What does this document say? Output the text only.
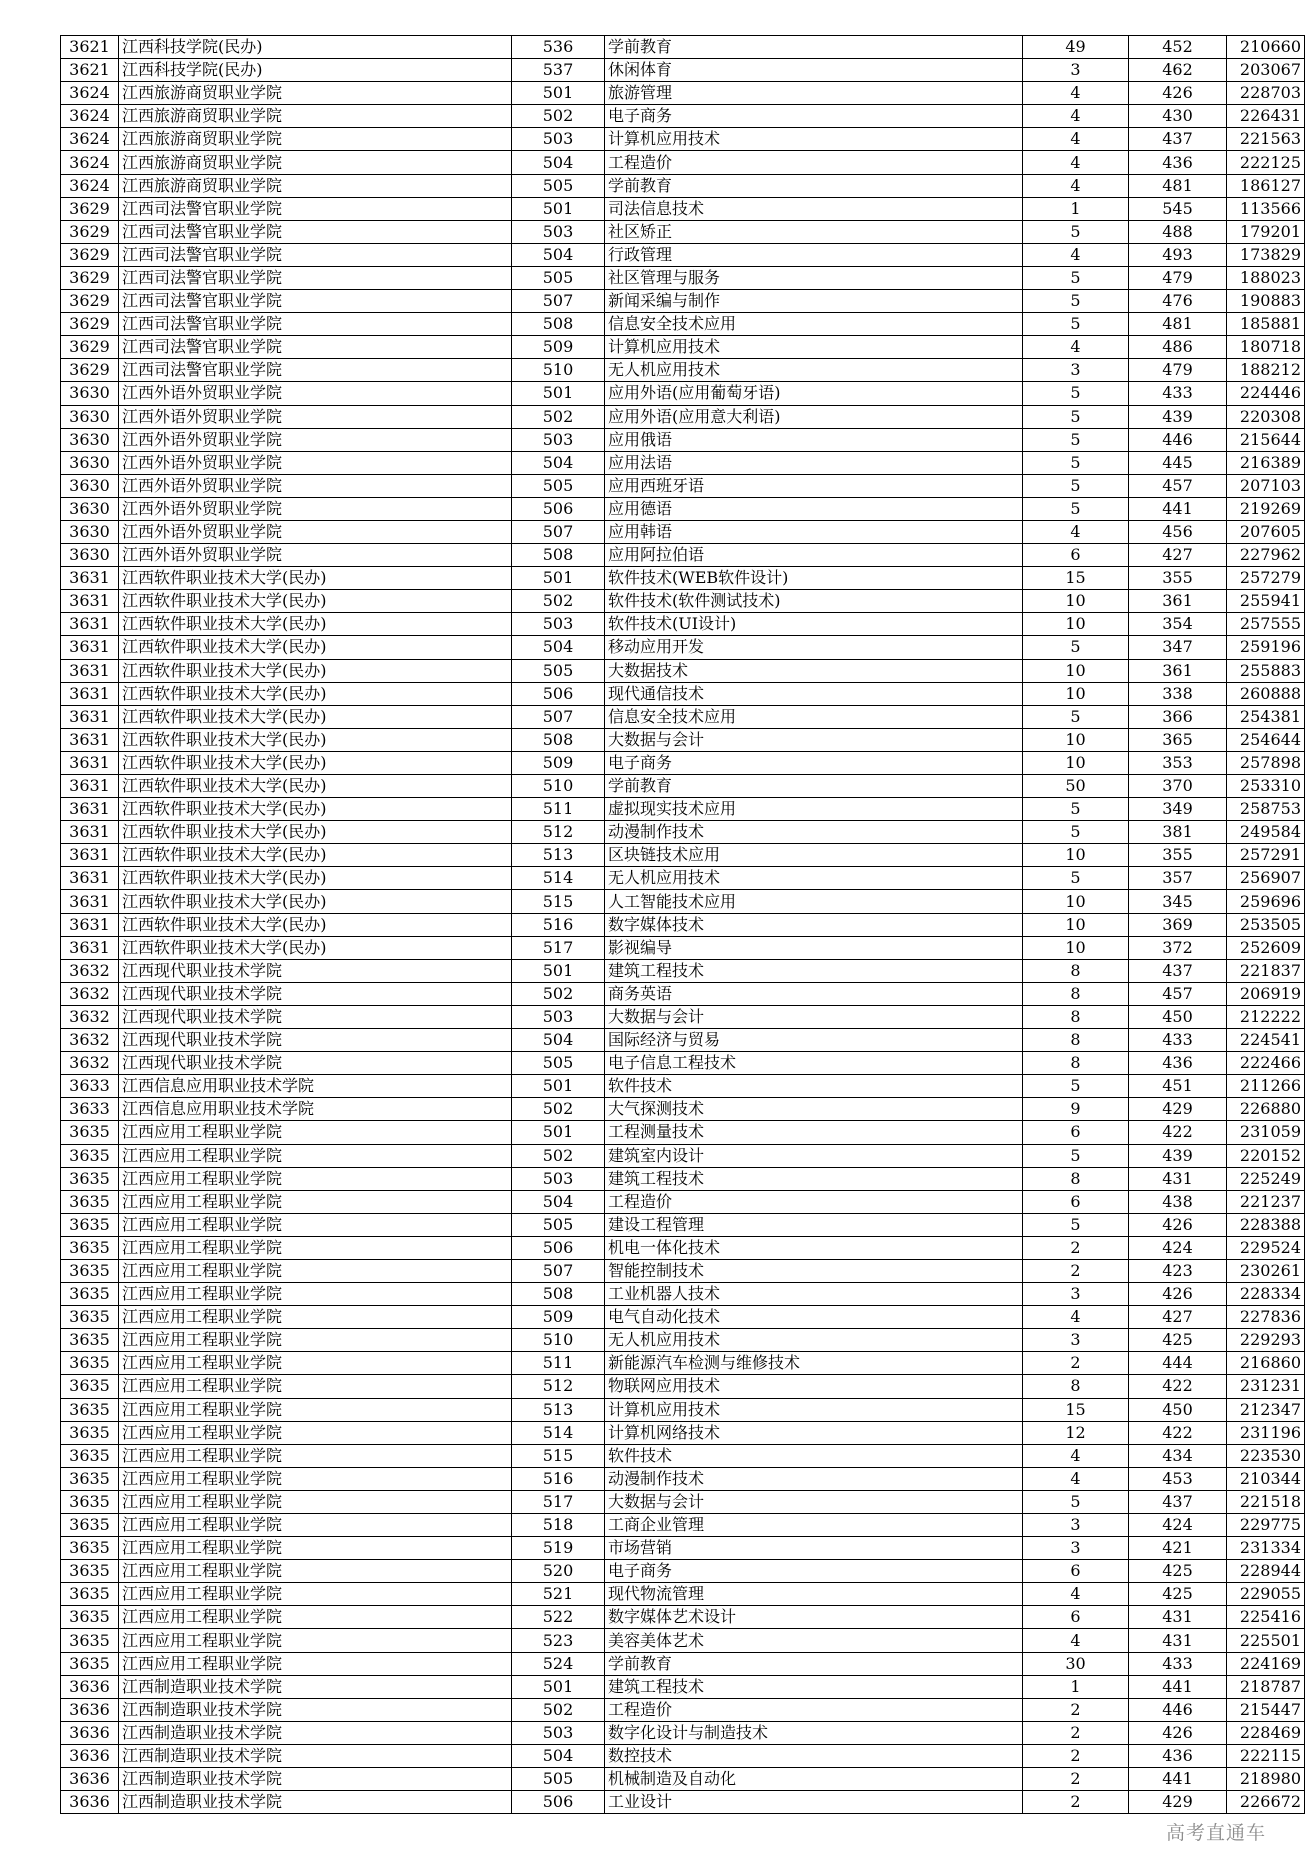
3621	江西科技学院(民办)	536	学前教育	49	452	210660
3621	江西科技学院(民办)	537	休闲体育	3	462	203067
3624	江西旅游商贸职业学院	501	旅游管理	4	426	228703
3624	江西旅游商贸职业学院	502	电子商务	4	430	226431
3624	江西旅游商贸职业学院	503	计算机应用技术	4	437	221563
3624	江西旅游商贸职业学院	504	工程造价	4	436	222125
3624	江西旅游商贸职业学院	505	学前教育	4	481	186127
3629	江西司法警官职业学院	501	司法信息技术	1	545	113566
3629	江西司法警官职业学院	503	社区矫正	5	488	179201
3629	江西司法警官职业学院	504	行政管理	4	493	173829
3629	江西司法警官职业学院	505	社区管理与服务	5	479	188023
3629	江西司法警官职业学院	507	新闻采编与制作	5	476	190883
3629	江西司法警官职业学院	508	信息安全技术应用	5	481	185881
3629	江西司法警官职业学院	509	计算机应用技术	4	486	180718
3629	江西司法警官职业学院	510	无人机应用技术	3	479	188212
3630	江西外语外贸职业学院	501	应用外语(应用葡萄牙语)	5	433	224446
3630	江西外语外贸职业学院	502	应用外语(应用意大利语)	5	439	220308
3630	江西外语外贸职业学院	503	应用俄语	5	446	215644
3630	江西外语外贸职业学院	504	应用法语	5	445	216389
3630	江西外语外贸职业学院	505	应用西班牙语	5	457	207103
3630	江西外语外贸职业学院	506	应用德语	5	441	219269
3630	江西外语外贸职业学院	507	应用韩语	4	456	207605
3630	江西外语外贸职业学院	508	应用阿拉伯语	6	427	227962
3631	江西软件职业技术大学(民办)	501	软件技术(WEB软件设计)	15	355	257279
3631	江西软件职业技术大学(民办)	502	软件技术(软件测试技术)	10	361	255941
3631	江西软件职业技术大学(民办)	503	软件技术(UI设计)	10	354	257555
3631	江西软件职业技术大学(民办)	504	移动应用开发	5	347	259196
3631	江西软件职业技术大学(民办)	505	大数据技术	10	361	255883
3631	江西软件职业技术大学(民办)	506	现代通信技术	10	338	260888
3631	江西软件职业技术大学(民办)	507	信息安全技术应用	5	366	254381
3631	江西软件职业技术大学(民办)	508	大数据与会计	10	365	254644
3631	江西软件职业技术大学(民办)	509	电子商务	10	353	257898
3631	江西软件职业技术大学(民办)	510	学前教育	50	370	253310
3631	江西软件职业技术大学(民办)	511	虚拟现实技术应用	5	349	258753
3631	江西软件职业技术大学(民办)	512	动漫制作技术	5	381	249584
3631	江西软件职业技术大学(民办)	513	区块链技术应用	10	355	257291
3631	江西软件职业技术大学(民办)	514	无人机应用技术	5	357	256907
3631	江西软件职业技术大学(民办)	515	人工智能技术应用	10	345	259696
3631	江西软件职业技术大学(民办)	516	数字媒体技术	10	369	253505
3631	江西软件职业技术大学(民办)	517	影视编导	10	372	252609
3632	江西现代职业技术学院	501	建筑工程技术	8	437	221837
3632	江西现代职业技术学院	502	商务英语	8	457	206919
3632	江西现代职业技术学院	503	大数据与会计	8	450	212222
3632	江西现代职业技术学院	504	国际经济与贸易	8	433	224541
3632	江西现代职业技术学院	505	电子信息工程技术	8	436	222466
3633	江西信息应用职业技术学院	501	软件技术	5	451	211266
3633	江西信息应用职业技术学院	502	大气探测技术	9	429	226880
3635	江西应用工程职业学院	501	工程测量技术	6	422	231059
3635	江西应用工程职业学院	502	建筑室内设计	5	439	220152
3635	江西应用工程职业学院	503	建筑工程技术	8	431	225249
3635	江西应用工程职业学院	504	工程造价	6	438	221237
3635	江西应用工程职业学院	505	建设工程管理	5	426	228388
3635	江西应用工程职业学院	506	机电一体化技术	2	424	229524
3635	江西应用工程职业学院	507	智能控制技术	2	423	230261
3635	江西应用工程职业学院	508	工业机器人技术	3	426	228334
3635	江西应用工程职业学院	509	电气自动化技术	4	427	227836
3635	江西应用工程职业学院	510	无人机应用技术	3	425	229293
3635	江西应用工程职业学院	511	新能源汽车检测与维修技术	2	444	216860
3635	江西应用工程职业学院	512	物联网应用技术	8	422	231231
3635	江西应用工程职业学院	513	计算机应用技术	15	450	212347
3635	江西应用工程职业学院	514	计算机网络技术	12	422	231196
3635	江西应用工程职业学院	515	软件技术	4	434	223530
3635	江西应用工程职业学院	516	动漫制作技术	4	453	210344
3635	江西应用工程职业学院	517	大数据与会计	5	437	221518
3635	江西应用工程职业学院	518	工商企业管理	3	424	229775
3635	江西应用工程职业学院	519	市场营销	3	421	231334
3635	江西应用工程职业学院	520	电子商务	6	425	228944
3635	江西应用工程职业学院	521	现代物流管理	4	425	229055
3635	江西应用工程职业学院	522	数字媒体艺术设计	6	431	225416
3635	江西应用工程职业学院	523	美容美体艺术	4	431	225501
3635	江西应用工程职业学院	524	学前教育	30	433	224169
3636	江西制造职业技术学院	501	建筑工程技术	1	441	218787
3636	江西制造职业技术学院	502	工程造价	2	446	215447
3636	江西制造职业技术学院	503	数字化设计与制造技术	2	426	228469
3636	江西制造职业技术学院	504	数控技术	2	436	222115
3636	江西制造职业技术学院	505	机械制造及自动化	2	441	218980
3636	江西制造职业技术学院	506	工业设计	2	429	226672
高考直通车
